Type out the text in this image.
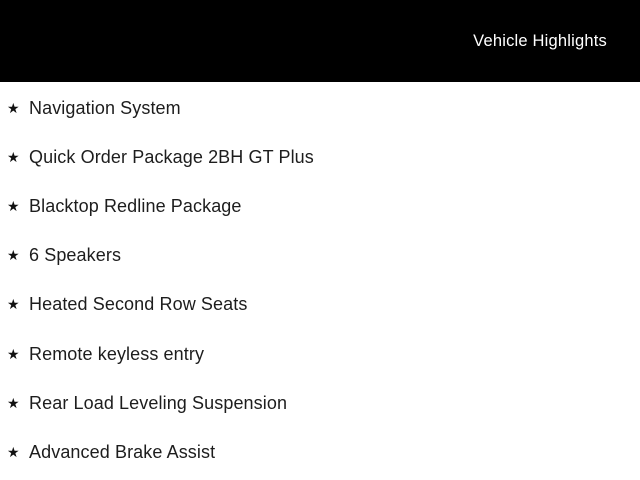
Vehicle Highlights
★ Navigation System
★ Quick Order Package 2BH GT Plus
★ Blacktop Redline Package
★ 6 Speakers
★ Heated Second Row Seats
★ Remote keyless entry
★ Rear Load Leveling Suspension
★ Advanced Brake Assist
